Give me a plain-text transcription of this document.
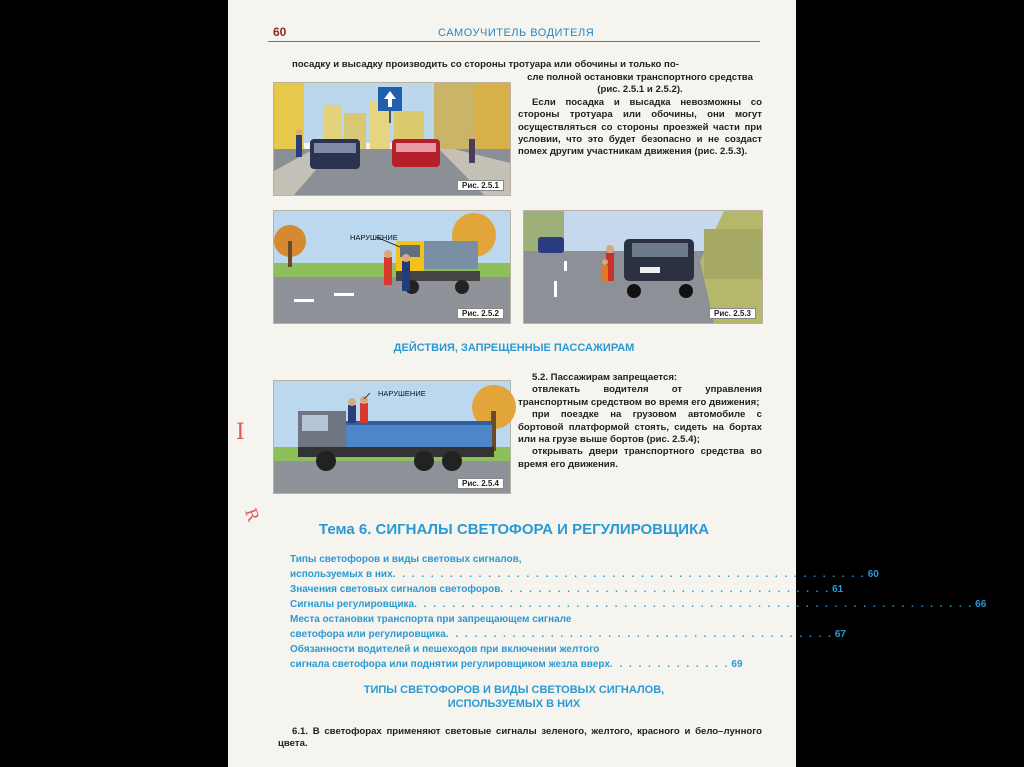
60	САМОУЧИТЕЛЬ ВОДИТЕЛЯ
посадку и высадку производить со стороны тротуара или обочины и только по-
Рис. 2.5.1

сле полной остановки транспортного средства (рис. 2.5.1 и 2.5.2).

Если посадка и высадка невозможны со стороны тротуара или обочины, они могут осуществляться со стороны проезжей части при условии, что это будет безопасно и не создаст помех другим участникам движения (рис. 2.5.3).

НАРУШЕНИЕ
Рис. 2.5.2	Рис. 2.5.3
ДЕЙСТВИЯ, ЗАПРЕЩЕННЫЕ ПАССАЖИРАМ
НАРУШЕНИЕ
Рис. 2.5.4

5.2. Пассажирам запрещается:

отвлекать водителя от управления транспортным средством во время его движения;

при поездке на грузовом автомобиле с бортовой платформой стоять, сидеть на бортах или на грузе выше бортов (рис. 2.5.4);

открывать двери транспортного средства во время его движения.

Тема 6. СИГНАЛЫ СВЕТОФОРА И РЕГУЛИРОВЩИКА
Типы светофоров и виды световых сигналов,
используемых в них . . . . . . . . . . . . . . . . . . . . . . . . . . . . . . . . . . . . . . . . . . . . . . . . . . 60
Значения световых сигналов светофоров . . . . . . . . . . . . . . . . . . . . . . . . . . . . . . . . . . . 61
Сигналы регулировщика . . . . . . . . . . . . . . . . . . . . . . . . . . . . . . . . . . . . . . . . . . . . . . . . . . . . . . . . . . . 66
Места остановки транспорта при запрещающем сигнале
светофора или регулировщика . . . . . . . . . . . . . . . . . . . . . . . . . . . . . . . . . . . . . . . . . 67
Обязанности водителей и пешеходов при включении желтого
сигнала светофора или поднятии регулировщиком жезла вверх . . . . . . . . . . . . . 69
ТИПЫ СВЕТОФОРОВ И ВИДЫ СВЕТОВЫХ СИГНАЛОВ,
ИСПОЛЬЗУЕМЫХ В НИХ
6.1. В светофорах применяют световые сигналы зеленого, желтого, красного и бело–лунного цвета.
I
R
